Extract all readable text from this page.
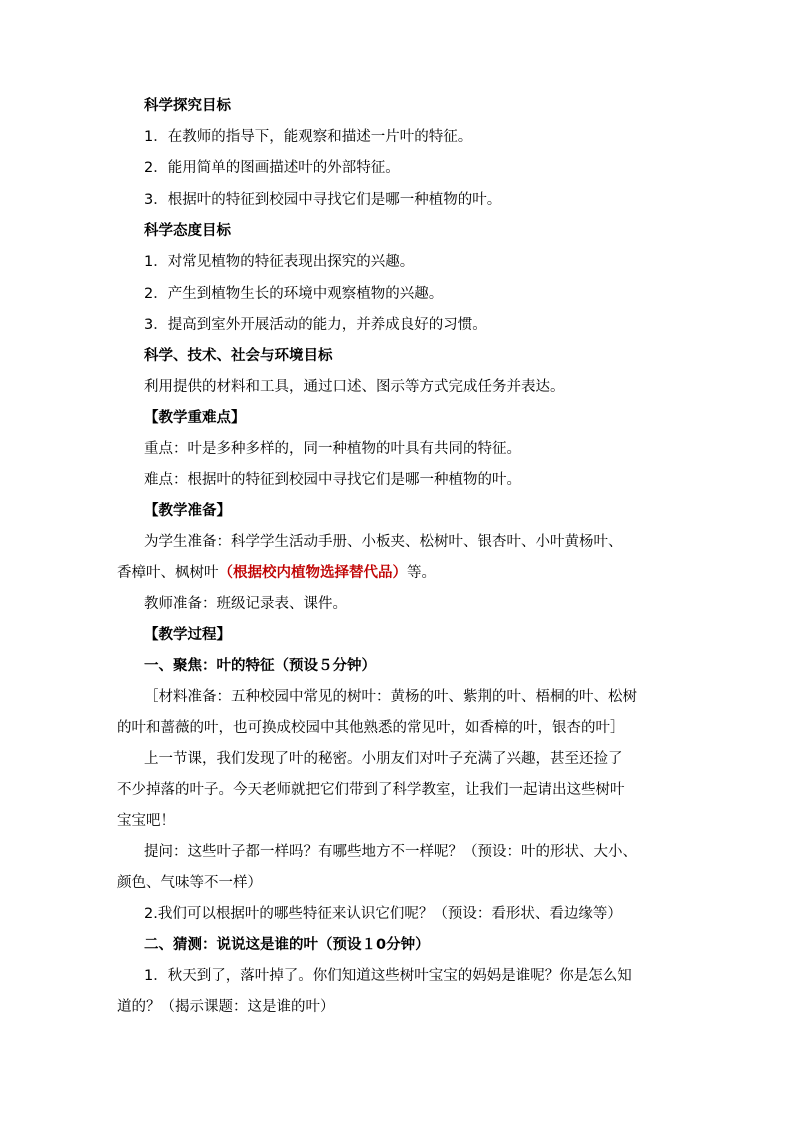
科学探究目标
1．在教师的指导下，能观察和描述一片叶的特征。
2．能用简单的图画描述叶的外部特征。
3．根据叶的特征到校园中寻找它们是哪一种植物的叶。
科学态度目标
1．对常见植物的特征表现出探究的兴趣。
2．产生到植物生长的环境中观察植物的兴趣。
3．提高到室外开展活动的能力，并养成良好的习惯。
科学、技术、社会与环境目标
利用提供的材料和工具，通过口述、图示等方式完成任务并表达。
【教学重难点】
重点：叶是多种多样的，同一种植物的叶具有共同的特征。
难点：根据叶的特征到校园中寻找它们是哪一种植物的叶。
【教学准备】
为学生准备：科学学生活动手册、小板夹、松树叶、银杏叶、小叶黄杨叶、
香樟叶、枫树叶（根据校内植物选择替代品）等。
教师准备：班级记录表、课件。
【教学过程】
一、聚焦：叶的特征（预设５分钟）
［材料准备：五种校园中常见的树叶：黄杨的叶、紫荆的叶、梧桐的叶、松树
的叶和蔷薇的叶，也可换成校园中其他熟悉的常见叶，如香樟的叶，银杏的叶］
上一节课，我们发现了叶的秘密。小朋友们对叶子充满了兴趣，甚至还捡了
不少掉落的叶子。今天老师就把它们带到了科学教室，让我们一起请出这些树叶
宝宝吧！
提问：这些叶子都一样吗？有哪些地方不一样呢？（预设：叶的形状、大小、
颜色、气味等不一样）
2.我们可以根据叶的哪些特征来认识它们呢？（预设：看形状、看边缘等）
二、猜测：说说这是谁的叶（预设１0分钟）
1．秋天到了，落叶掉了。你们知道这些树叶宝宝的妈妈是谁呢？你是怎么知
道的？（揭示课题：这是谁的叶）
